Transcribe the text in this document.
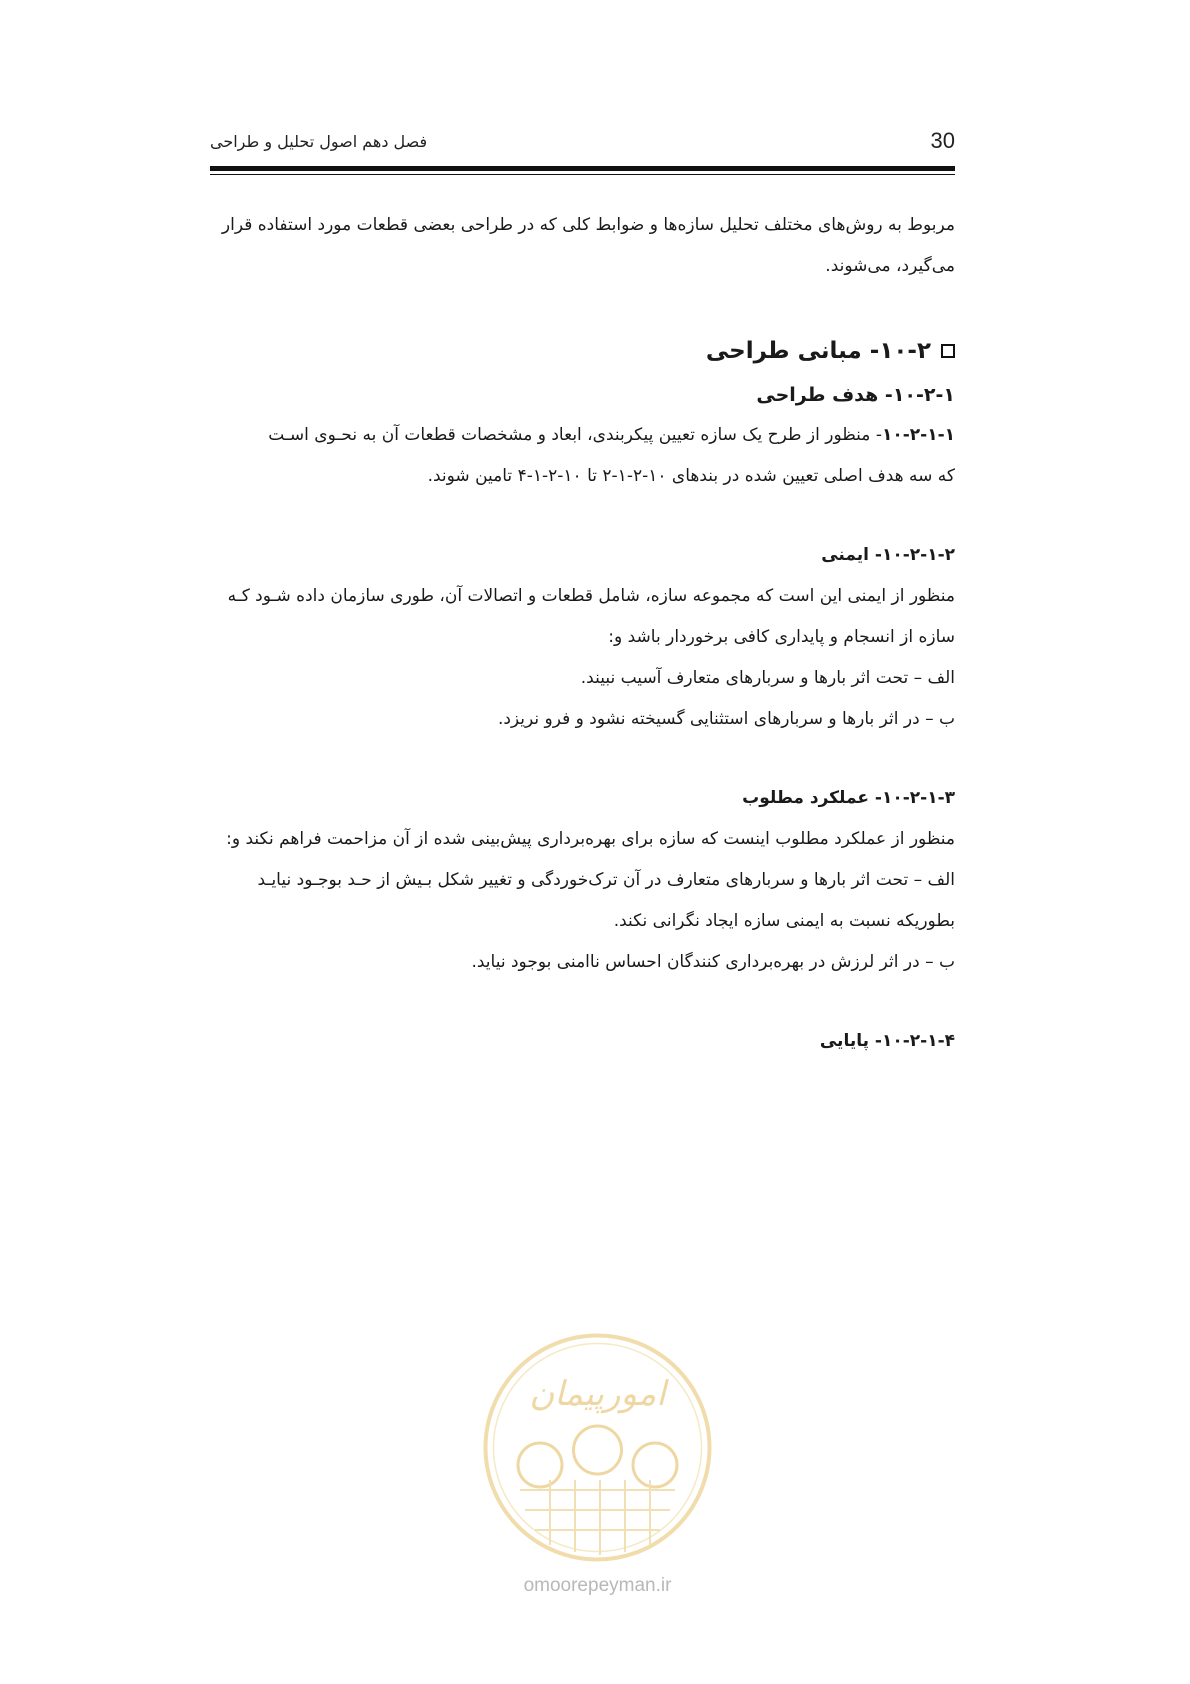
30
فصل دهم اصول تحلیل و طراحی

مربوط به روش‌های مختلف تحلیل سازه‌ها و ضوابط کلی که در طراحی بعضی قطعات مورد استفاده قرار
می‌گیرد، می‌شوند.

۱۰-۲- مبانی طراحی
۱۰-۲-۱- هدف طراحی

۱۰-۲-۱-۱- منظور از طرح یک سازه تعیین پیکربندی، ابعاد و مشخصات قطعات آن به نحـوی اسـت
که سه هدف اصلی تعیین شده در بندهای ۱۰-۲-۱-۲ تا ۱۰-۲-۱-۴ تامین شوند.

۱۰-۲-۱-۲- ایمنی

منظور از ایمنی این است که مجموعه سازه، شامل قطعات و اتصالات آن، طوری سازمان داده شـود کـه
سازه از انسجام و پایداری کافی برخوردار باشد و:
الف – تحت اثر بارها و سربارهای متعارف آسیب نبیند.
ب – در اثر بارها و سربارهای استثنایی گسیخته نشود و فرو نریزد.

۱۰-۲-۱-۳- عملکرد مطلوب

منظور از عملکرد مطلوب اینست که سازه برای بهره‌برداری پیش‌بینی شده از آن مزاحمت فراهم نکند و:
الف – تحت اثر بارها و سربارهای متعارف در آن ترک‌خوردگی و تغییر شکل بـیش از حـد بوجـود نیایـد
بطوریکه نسبت به ایمنی سازه ایجاد نگرانی نکند.
ب – در اثر لرزش در بهره‌برداری کنندگان احساس ناامنی بوجود نیاید.

۱۰-۲-۱-۴- پایایی
امورپیمان
omoorepeyman.ir
